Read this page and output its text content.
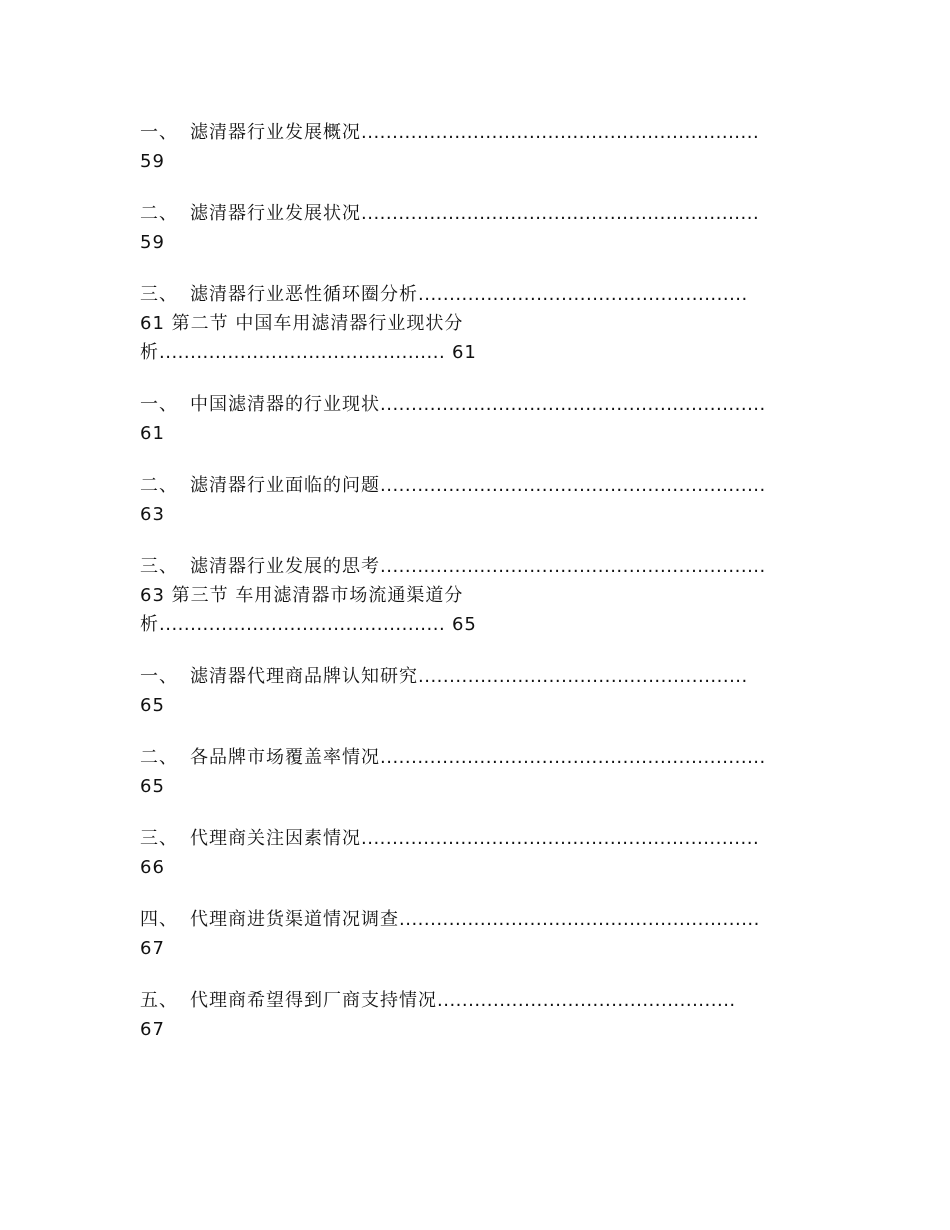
一、 滤清器行业发展概况................................................................
59
二、 滤清器行业发展状况................................................................
59
三、 滤清器行业恶性循环圈分析.....................................................
61 第二节 中国车用滤清器行业现状分
析.............................................. 61
一、 中国滤清器的行业现状..............................................................
61
二、 滤清器行业面临的问题..............................................................
63
三、 滤清器行业发展的思考..............................................................
63 第三节 车用滤清器市场流通渠道分
析.............................................. 65
一、 滤清器代理商品牌认知研究.....................................................
65
二、 各品牌市场覆盖率情况..............................................................
65
三、 代理商关注因素情况................................................................
66
四、 代理商进货渠道情况调查..........................................................
67
五、 代理商希望得到厂商支持情况................................................
67
